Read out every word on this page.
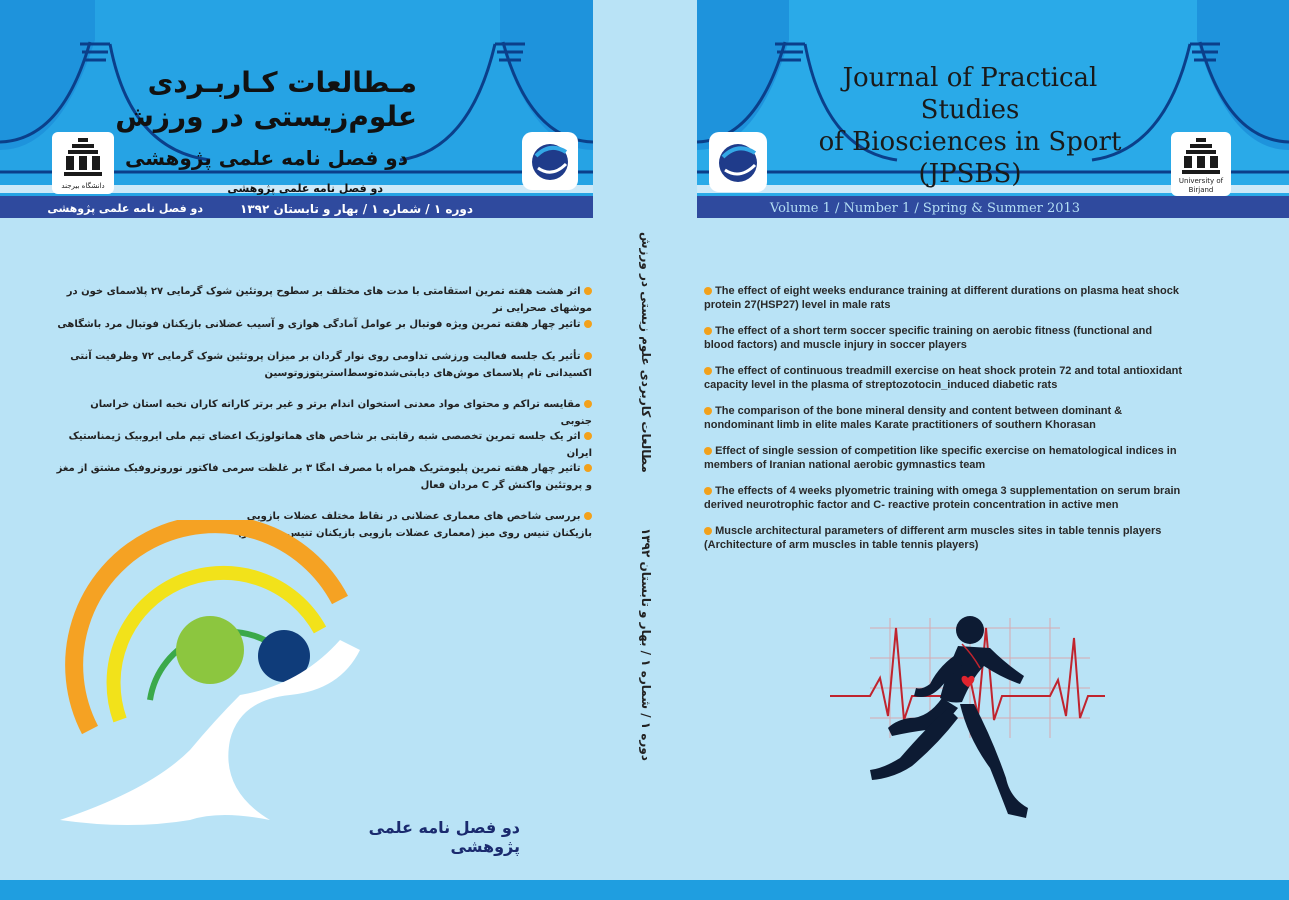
دانشگاه بیرجند
مـطالعات كـاربـردی
علوم‌زيستی در ورزش
دو فصل نامه علمی پژوهشی
دو فصل نامه علمی پژوهشی
دو فصل نامه علمی پژوهشی	دوره ۱ / شماره ۱ / بهار و تابستان ۱۳۹۲
University of
Birjand
Journal of Practical Studies
of Biosciences in Sport (JPSBS)
Volume 1 / Number 1 / Spring & Summer 2013
مطالعات کاربردی علوم زیستی در ورزش
دوره ۱ / شماره ۱ / بهار و تابستان ۱۳۹۲
اثر هشت هفته تمرین استقامتی با مدت های مختلف بر سطوح پروتئین شوک گرمایی ۲۷ پلاسمای خون در موشهای صحرایی نر
تاثیر چهار هفته تمرین ویژه فوتبال بر عوامل آمادگی هوازی و آسیب عضلانی بازیکنان فوتبال مرد باشگاهی
تأثیر یک جلسه فعالیت ورزشی تداومی روی نوار گردان بر میزان پروتئین شوک گرمایی ۷۲ وظرفیت آنتی اکسیدانی تام پلاسمای موش‌های دیابتی‌شده‌توسط‌استرپتوزوتوسین
مقایسه تراکم و محتوای مواد معدنی استخوان اندام برتر و غیر برتر کاراته کاران نخبه استان خراسان جنوبی
اثر یک جلسه تمرین تخصصی شبه رقابتی بر شاخص های هماتولوژیک اعضای تیم ملی ایروبیک ژیمناستیک ایران
تاثیر چهار هفته تمرین پلیومتریک همراه با مصرف امگا ۳ بر غلظت سرمی فاکتور نوروتروفیک مشتق از مغز و پروتئین واکنش گر C مردان فعال
بررسی شاخص های معماری عضلانی در نقاط مختلف عضلات بازویی بازیکنان تنیس روی میز (معماری عضلات بازویی بازیکنان تنیس روی میز)
دو فصل نامه علمی پژوهشی
The effect of eight weeks endurance training at different durations on plasma heat shock protein 27(HSP27) level in male rats
The effect of a short term soccer specific training on aerobic fitness (functional and blood factors) and muscle injury in soccer players
The effect of continuous treadmill exercise on heat shock protein 72 and total antioxidant capacity level in the plasma of streptozotocin_induced diabetic rats
The comparison of the bone mineral density and content between dominant & nondominant limb in elite males Karate practitioners of southern Khorasan
Effect of single session of competition like specific exercise on hematological indices in members of Iranian national aerobic gymnastics team
The effects of 4 weeks plyometric training with omega 3 supplementation on serum brain derived neurotrophic factor and C- reactive protein concentration in active men
Muscle architectural parameters of different arm muscles sites in table tennis players (Architecture of arm muscles in table tennis players)
